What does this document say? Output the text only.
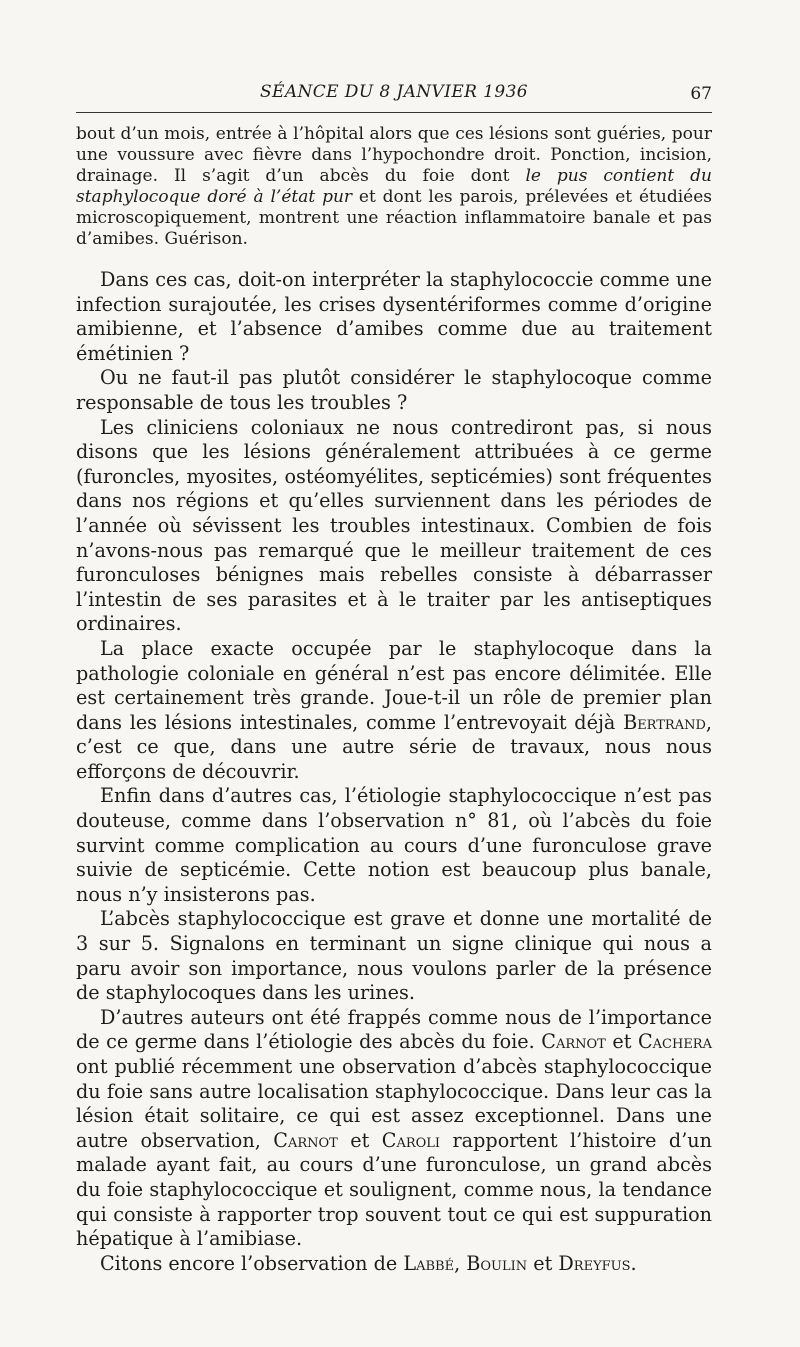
SÉANCE DU 8 JANVIER 1936	67

bout d’un mois, entrée à l’hôpital alors que ces lésions sont guéries, pour une voussure avec fièvre dans l’hypochondre droit. Ponction, incision, drainage. Il s’agit d’un abcès du foie dont le pus contient du staphylocoque doré à l’état pur et dont les parois, prélevées et étudiées microscopiquement, montrent une réaction inflammatoire banale et pas d’amibes. Guérison.

Dans ces cas, doit-on interpréter la staphylococcie comme une infection surajoutée, les crises dysentériformes comme d’origine amibienne, et l’absence d’amibes comme due au traitement émétinien ?

Ou ne faut-il pas plutôt considérer le staphylocoque comme responsable de tous les troubles ?

Les cliniciens coloniaux ne nous contrediront pas, si nous disons que les lésions généralement attribuées à ce germe (furoncles, myosites, ostéomyélites, septicémies) sont fréquentes dans nos régions et qu’elles surviennent dans les périodes de l’année où sévissent les troubles intestinaux. Combien de fois n’avons-nous pas remarqué que le meilleur traitement de ces furonculoses bénignes mais rebelles consiste à débarrasser l’intestin de ses parasites et à le traiter par les antiseptiques ordinaires.

La place exacte occupée par le staphylocoque dans la pathologie coloniale en général n’est pas encore délimitée. Elle est certainement très grande. Joue-t-il un rôle de premier plan dans les lésions intestinales, comme l’entrevoyait déjà Bertrand, c’est ce que, dans une autre série de travaux, nous nous efforçons de découvrir.

Enfin dans d’autres cas, l’étiologie staphylococcique n’est pas douteuse, comme dans l’observation n° 81, où l’abcès du foie survint comme complication au cours d’une furonculose grave suivie de septicémie. Cette notion est beaucoup plus banale, nous n’y insisterons pas.

L’abcès staphylococcique est grave et donne une mortalité de 3 sur 5. Signalons en terminant un signe clinique qui nous a paru avoir son importance, nous voulons parler de la présence de staphylocoques dans les urines.

D’autres auteurs ont été frappés comme nous de l’importance de ce germe dans l’étiologie des abcès du foie. Carnot et Cachera ont publié récemment une observation d’abcès staphylococcique du foie sans autre localisation staphylococcique. Dans leur cas la lésion était solitaire, ce qui est assez exceptionnel. Dans une autre observation, Carnot et Caroli rapportent l’histoire d’un malade ayant fait, au cours d’une furonculose, un grand abcès du foie staphylococcique et soulignent, comme nous, la tendance qui consiste à rapporter trop souvent tout ce qui est suppuration hépatique à l’amibiase.

Citons encore l’observation de Labbé, Boulin et Dreyfus.
